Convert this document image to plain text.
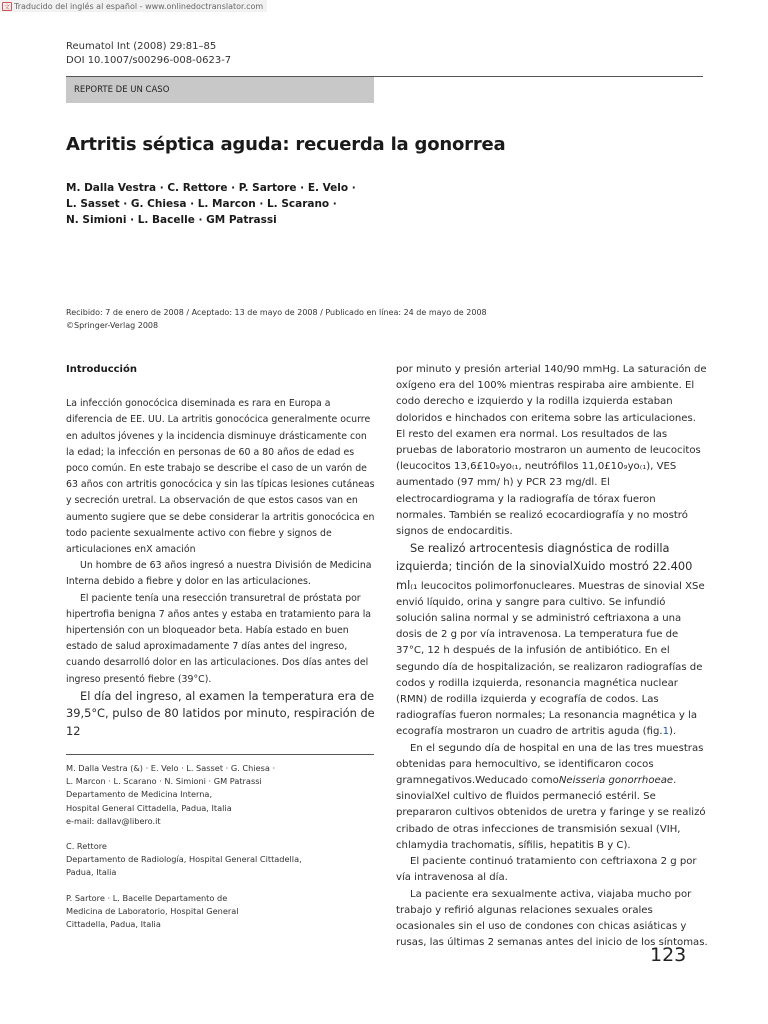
文 Traducido del inglés al español - www.onlinedoctranslator.com
Reumatol Int (2008) 29:81–85
DOI 10.1007/s00296-008-0623-7
REPORTE DE UN CASO
Artritis séptica aguda: recuerda la gonorrea
M. Dalla Vestra · C. Rettore · P. Sartore · E. Velo ·
L. Sasset · G. Chiesa · L. Marcon · L. Scarano ·
N. Simioni · L. Bacelle · GM Patrassi
Recibido: 7 de enero de 2008 / Aceptado: 13 de mayo de 2008 / Publicado en línea: 24 de mayo de 2008
©Springer-Verlag 2008
Introducción

La infección gonocócica diseminada es rara en Europa a diferencia de EE. UU. La artritis gonocócica generalmente ocurre en adultos jóvenes y la incidencia disminuye drásticamente con la edad; la infección en personas de 60 a 80 años de edad es poco común. En este trabajo se describe el caso de un varón de 63 años con artritis gonocócica y sin las típicas lesiones cutáneas y secreción uretral. La observación de que estos casos van en aumento sugiere que se debe considerar la artritis gonocócica en todo paciente sexualmente activo con fiebre y signos de articulaciones enX amación

Un hombre de 63 años ingresó a nuestra División de Medicina Interna debido a fiebre y dolor en las articulaciones.

El paciente tenía una resección transuretral de próstata por hipertrofia benigna 7 años antes y estaba en tratamiento para la hipertensión con un bloqueador beta. Había estado en buen estado de salud aproximadamente 7 días antes del ingreso, cuando desarrolló dolor en las articulaciones. Dos días antes del ingreso presentó fiebre (39°C).

El día del ingreso, al examen la temperatura era de 39,5°C, pulso de 80 latidos por minuto, respiración de 12

por minuto y presión arterial 140/90 mmHg. La saturación de oxígeno era del 100% mientras respiraba aire ambiente. El codo derecho e izquierdo y la rodilla izquierda estaban doloridos e hinchados con eritema sobre las articulaciones. El resto del examen era normal. Los resultados de las pruebas de laboratorio mostraron un aumento de leucocitos (leucocitos 13,6£10₉yo₍₁, neutrófilos 11,0£10₉yo₍₁), VES aumentado (97 mm/ h) y PCR 23 mg/dl. El electrocardiograma y la radiografía de tórax fueron normales. También se realizó ecocardiografía y no mostró signos de endocarditis.

Se realizó artrocentesis diagnóstica de rodilla izquierda; tinción de la sinovialXuido mostró 22.400 ml₍₁ leucocitos polimorfonucleares. Muestras de sinovial XSe envió líquido, orina y sangre para cultivo. Se infundió solución salina normal y se administró ceftriaxona a una dosis de 2 g por vía intravenosa. La temperatura fue de 37°C, 12 h después de la infusión de antibiótico. En el segundo día de hospitalización, se realizaron radiografías de codos y rodilla izquierda, resonancia magnética nuclear (RMN) de rodilla izquierda y ecografía de codos. Las radiografías fueron normales; La resonancia magnética y la ecografía mostraron un cuadro de artritis aguda (fig.1).

En el segundo día de hospital en una de las tres muestras obtenidas para hemocultivo, se identificaron cocos gramnegativos.Weducado comoNeisseria gonorrhoeae. sinovialXel cultivo de fluidos permaneció estéril. Se prepararon cultivos obtenidos de uretra y faringe y se realizó cribado de otras infecciones de transmisión sexual (VIH, chlamydia trachomatis, sífilis, hepatitis B y C).

El paciente continuó tratamiento con ceftriaxona 2 g por vía intravenosa al día.

La paciente era sexualmente activa, viajaba mucho por trabajo y refirió algunas relaciones sexuales orales ocasionales sin el uso de condones con chicas asiáticas y rusas, las últimas 2 semanas antes del inicio de los síntomas.

M. Dalla Vestra (&) · E. Velo · L. Sasset · G. Chiesa ·
L. Marcon · L. Scarano · N. Simioni · GM Patrassi
Departamento de Medicina Interna,
Hospital General Cittadella, Padua, Italia
e-mail: dallav@libero.it
C. Rettore
Departamento de Radiología, Hospital General Cittadella,
Padua, Italia
P. Sartore · L. Bacelle Departamento de
Medicina de Laboratorio, Hospital General
Cittadella, Padua, Italia
123
